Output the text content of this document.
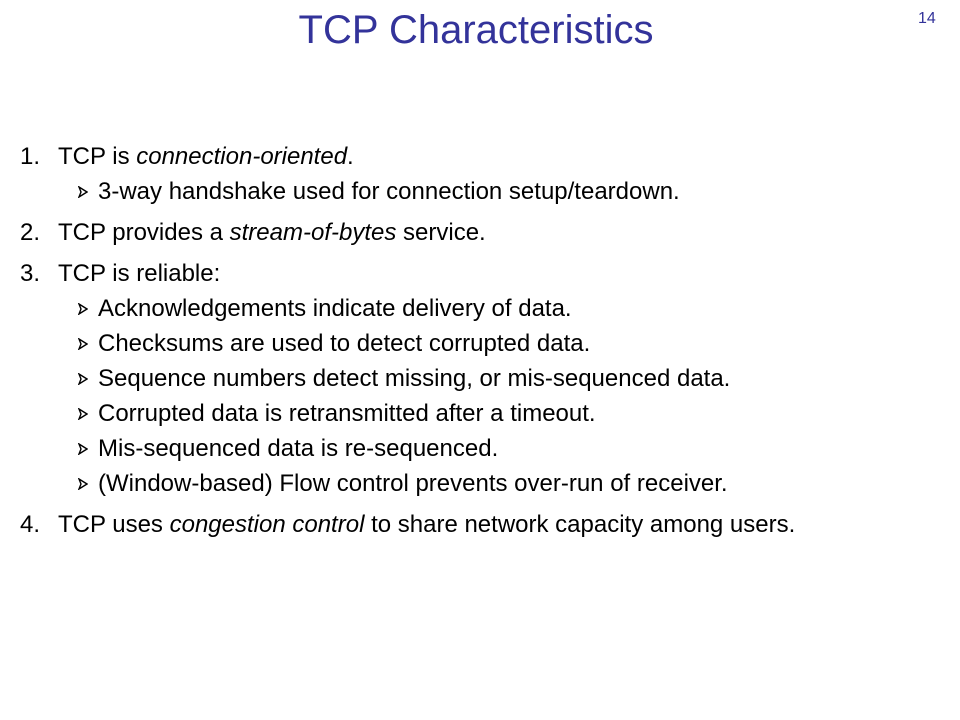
TCP Characteristics	14
1. TCP is connection-oriented.
3-way handshake used for connection setup/teardown.
2. TCP provides a stream-of-bytes service.
3. TCP is reliable:
Acknowledgements indicate delivery of data.
Checksums are used to detect corrupted data.
Sequence numbers detect missing, or mis-sequenced data.
Corrupted data is retransmitted after a timeout.
Mis-sequenced data is re-sequenced.
(Window-based) Flow control prevents over-run of receiver.
4. TCP uses congestion control to share network capacity among users.
